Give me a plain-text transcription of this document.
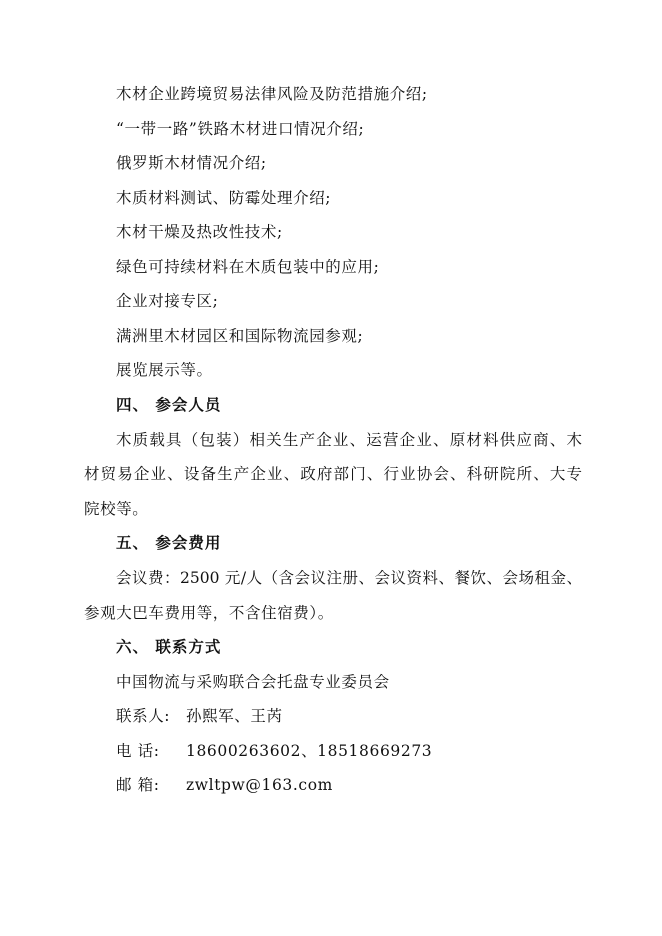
木材企业跨境贸易法律风险及防范措施介绍;
“一带一路”铁路木材进口情况介绍;
俄罗斯木材情况介绍;
木质材料测试、防霉处理介绍;
木材干燥及热改性技术;
绿色可持续材料在木质包装中的应用;
企业对接专区;
满洲里木材园区和国际物流园参观;
展览展示等。
四、 参会人员
木质载具（包装）相关生产企业、运营企业、原材料供应商、木
材贸易企业、设备生产企业、政府部门、行业协会、科研院所、大专
院校等。
五、 参会费用
会议费：2500 元/人（含会议注册、会议资料、餐饮、会场租金、
参观大巴车费用等，不含住宿费）。
六、 联系方式
中国物流与采购联合会托盘专业委员会
联系人: 孙熙军、王芮
电 话: 18600263602、18518669273
邮 箱: zwltpw@163.com
